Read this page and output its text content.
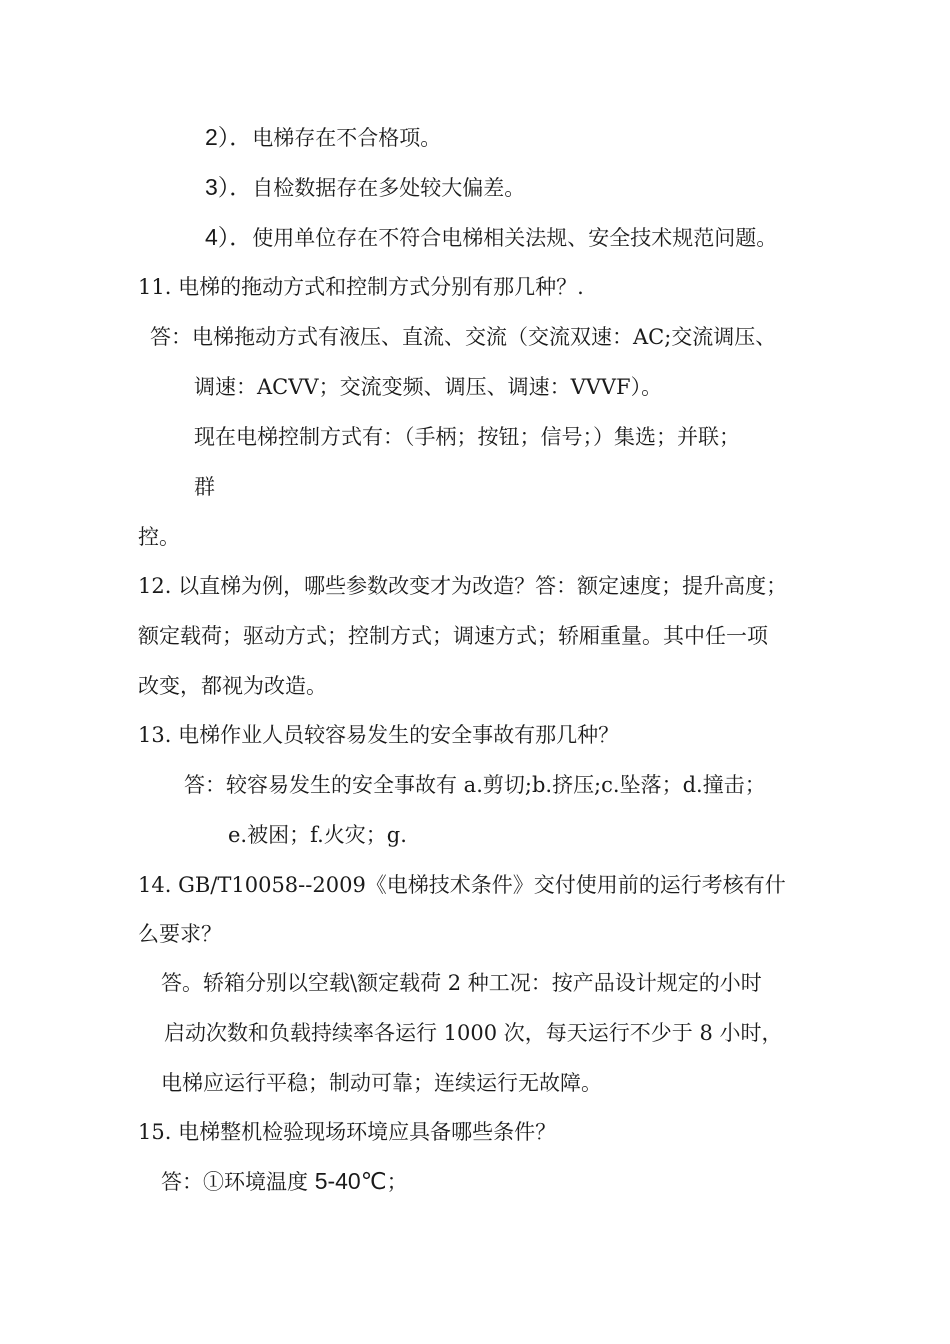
2）．电梯存在不合格项。
3）．自检数据存在多处较大偏差。
4）．使用单位存在不符合电梯相关法规、安全技术规范问题。
11. 电梯的拖动方式和控制方式分别有那几种？.
答：电梯拖动方式有液压、直流、交流（交流双速：AC;交流调压、
调速：ACVV；交流变频、调压、调速：VVVF）。
现在电梯控制方式有：（手柄；按钮；信号；）集选；并联；
群
控。
12. 以直梯为例，哪些参数改变才为改造？答：额定速度；提升高度；
额定载荷；驱动方式；控制方式；调速方式；轿厢重量。其中任一项
改变，都视为改造。
13. 电梯作业人员较容易发生的安全事故有那几种？
答：较容易发生的安全事故有 a.剪切;b.挤压;c.坠落；d.撞击；
e.被困；f.火灾；g.
14. GB/T10058--2009《电梯技术条件》交付使用前的运行考核有什
么要求？
答。轿箱分别以空载\额定载荷 2 种工况：按产品设计规定的小时
启动次数和负载持续率各运行 1000 次，每天运行不少于 8 小时，
电梯应运行平稳；制动可靠；连续运行无故障。
15. 电梯整机检验现场环境应具备哪些条件？
答：①环境温度 5-40℃；
